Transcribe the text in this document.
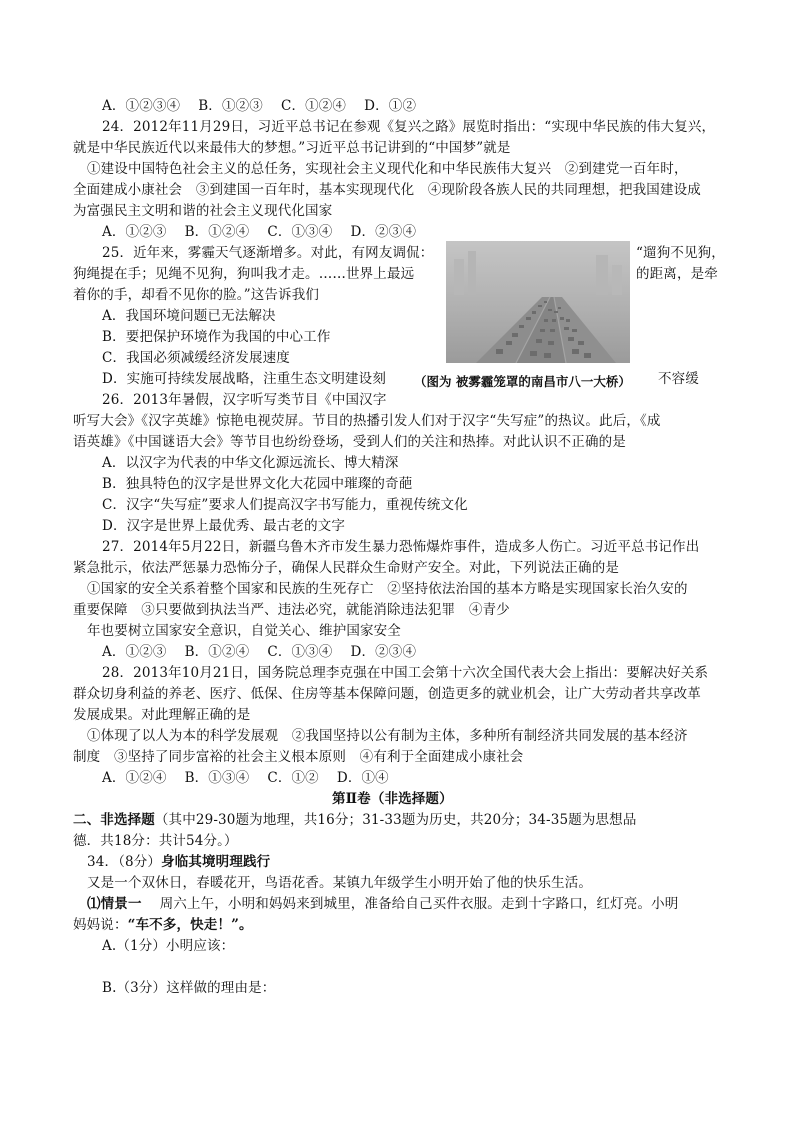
A．①②③④　 B．①②③　 C．①②④　 D．①②
24．2012年11月29日，习近平总书记在参观《复兴之路》展览时指出：“实现中华民族的伟大复兴，
就是中华民族近代以来最伟大的梦想。”习近平总书记讲到的“中国梦”就是
①建设中国特色社会主义的总任务，实现社会主义现代化和中华民族伟大复兴　②到建党一百年时，
全面建成小康社会　③到建国一百年时，基本实现现代化　④现阶段各族人民的共同理想，把我国建设成
为富强民主文明和谐的社会主义现代化国家
A．①②③　 B．①②④　 C．①③④　 D．②③④
25．近年来，雾霾天气逐渐增多。对此，有网友调侃：	“遛狗不见狗，
狗绳提在手；见绳不见狗，狗叫我才走。……世界上最远	的距离，是牵
着你的手，却看不见你的脸。”这告诉我们
A．我国环境问题已无法解决
B．要把保护环境作为我国的中心工作
C．我国必须减缓经济发展速度
D．实施可持续发展战略，注重生态文明建设刻	不容缓
（图为 被雾霾笼罩的南昌市八一大桥）
26．2013年暑假，汉字听写类节目《中国汉字
听写大会》《汉字英雄》惊艳电视荧屏。节目的热播引发人们对于汉字“失写症”的热议。此后，《成
语英雄》《中国谜语大会》等节目也纷纷登场，受到人们的关注和热捧。对此认识不正确的是
A．以汉字为代表的中华文化源远流长、博大精深
B．独具特色的汉字是世界文化大花园中璀璨的奇葩
C．汉字“失写症”要求人们提高汉字书写能力，重视传统文化
D．汉字是世界上最优秀、最古老的文字
27．2014年5月22日，新疆乌鲁木齐市发生暴力恐怖爆炸事件，造成多人伤亡。习近平总书记作出
紧急批示，依法严惩暴力恐怖分子，确保人民群众生命财产安全。对此，下列说法正确的是
①国家的安全关系着整个国家和民族的生死存亡　②坚持依法治国的基本方略是实现国家长治久安的
重要保障　③只要做到执法当严、违法必究，就能消除违法犯罪　④青少
年也要树立国家安全意识，自觉关心、维护国家安全
A．①②③　 B．①②④　 C．①③④　 D．②③④
28．2013年10月21日，国务院总理李克强在中国工会第十六次全国代表大会上指出：要解决好关系
群众切身利益的养老、医疗、低保、住房等基本保障问题，创造更多的就业机会，让广大劳动者共享改革
发展成果。对此理解正确的是
①体现了以人为本的科学发展观　②我国坚持以公有制为主体，多种所有制经济共同发展的基本经济
制度　③坚持了同步富裕的社会主义根本原则　④有利于全面建成小康社会
A．①②④　 B．①③④　 C．①②　 D．①④
第Ⅱ卷（非选择题）
二、非选择题（其中29-30题为地理，共16分；31-33题为历史，共20分；34-35题为思想品
德．共18分：共计54分。）
34．（8分）身临其境明理践行
又是一个双休日，春暖花开，鸟语花香。某镇九年级学生小明开始了他的快乐生活。
⑴情景一　 周六上午，小明和妈妈来到城里，准备给自己买件衣服。走到十字路口，红灯亮。小明
妈妈说：“车不多，快走！”。
A.（1分）小明应该：
B.（3分）这样做的理由是：
